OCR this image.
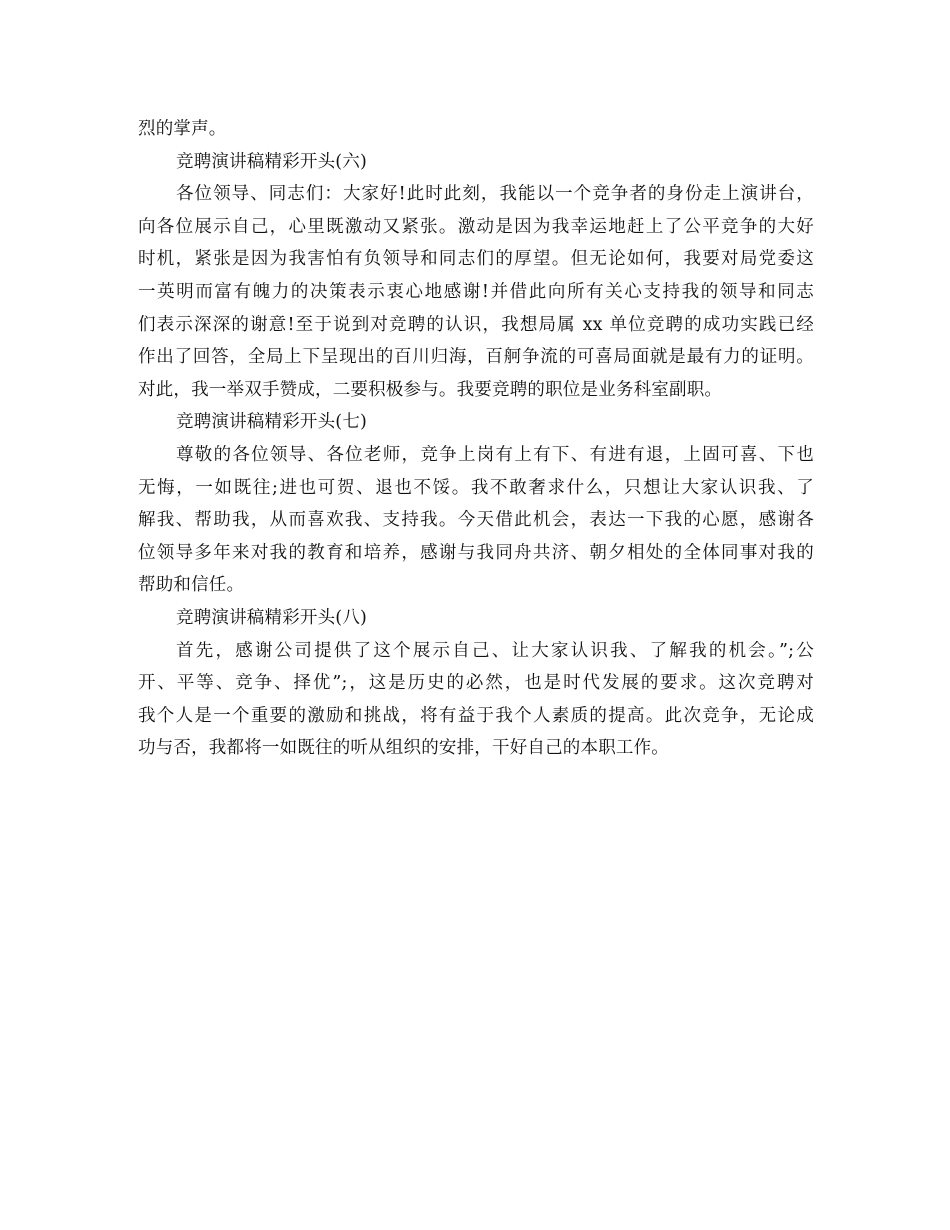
烈的掌声。

竞聘演讲稿精彩开头(六)

各位领导、同志们：大家好!此时此刻，我能以一个竞争者的身份走上演讲台，

向各位展示自己，心里既激动又紧张。激动是因为我幸运地赶上了公平竞争的大好

时机，紧张是因为我害怕有负领导和同志们的厚望。但无论如何，我要对局党委这

一英明而富有魄力的决策表示衷心地感谢!并借此向所有关心支持我的领导和同志

们表示深深的谢意!至于说到对竞聘的认识，我想局属 xx 单位竞聘的成功实践已经

作出了回答，全局上下呈现出的百川归海，百舸争流的可喜局面就是最有力的证明。

对此，我一举双手赞成，二要积极参与。我要竞聘的职位是业务科室副职。

竞聘演讲稿精彩开头(七)

尊敬的各位领导、各位老师，竞争上岗有上有下、有进有退，上固可喜、下也

无悔，一如既往;进也可贺、退也不馁。我不敢奢求什么，只想让大家认识我、了

解我、帮助我，从而喜欢我、支持我。今天借此机会，表达一下我的心愿，感谢各

位领导多年来对我的教育和培养，感谢与我同舟共济、朝夕相处的全体同事对我的

帮助和信任。

竞聘演讲稿精彩开头(八)

首先，感谢公司提供了这个展示自己、让大家认识我、了解我的机会。”;公

开、平等、竞争、择优”;，这是历史的必然，也是时代发展的要求。这次竞聘对

我个人是一个重要的激励和挑战，将有益于我个人素质的提高。此次竞争，无论成

功与否，我都将一如既往的听从组织的安排，干好自己的本职工作。
